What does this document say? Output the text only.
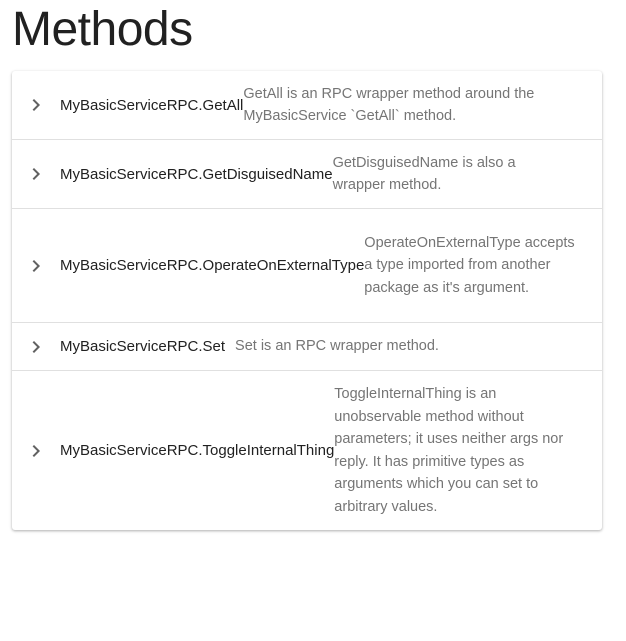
Methods
MyBasicServiceRPC.GetAll
GetAll is an RPC wrapper method around the MyBasicService `GetAll` method.
MyBasicServiceRPC.GetDisguisedName
GetDisguisedName is also a wrapper method.
MyBasicServiceRPC.OperateOnExternalType
OperateOnExternalType accepts a type imported from another package as it's argument.
MyBasicServiceRPC.Set Set is an RPC wrapper method.
MyBasicServiceRPC.ToggleInternalThing
ToggleInternalThing is an unobservable method without parameters; it uses neither args nor reply. It has primitive types as arguments which you can set to arbitrary values.
